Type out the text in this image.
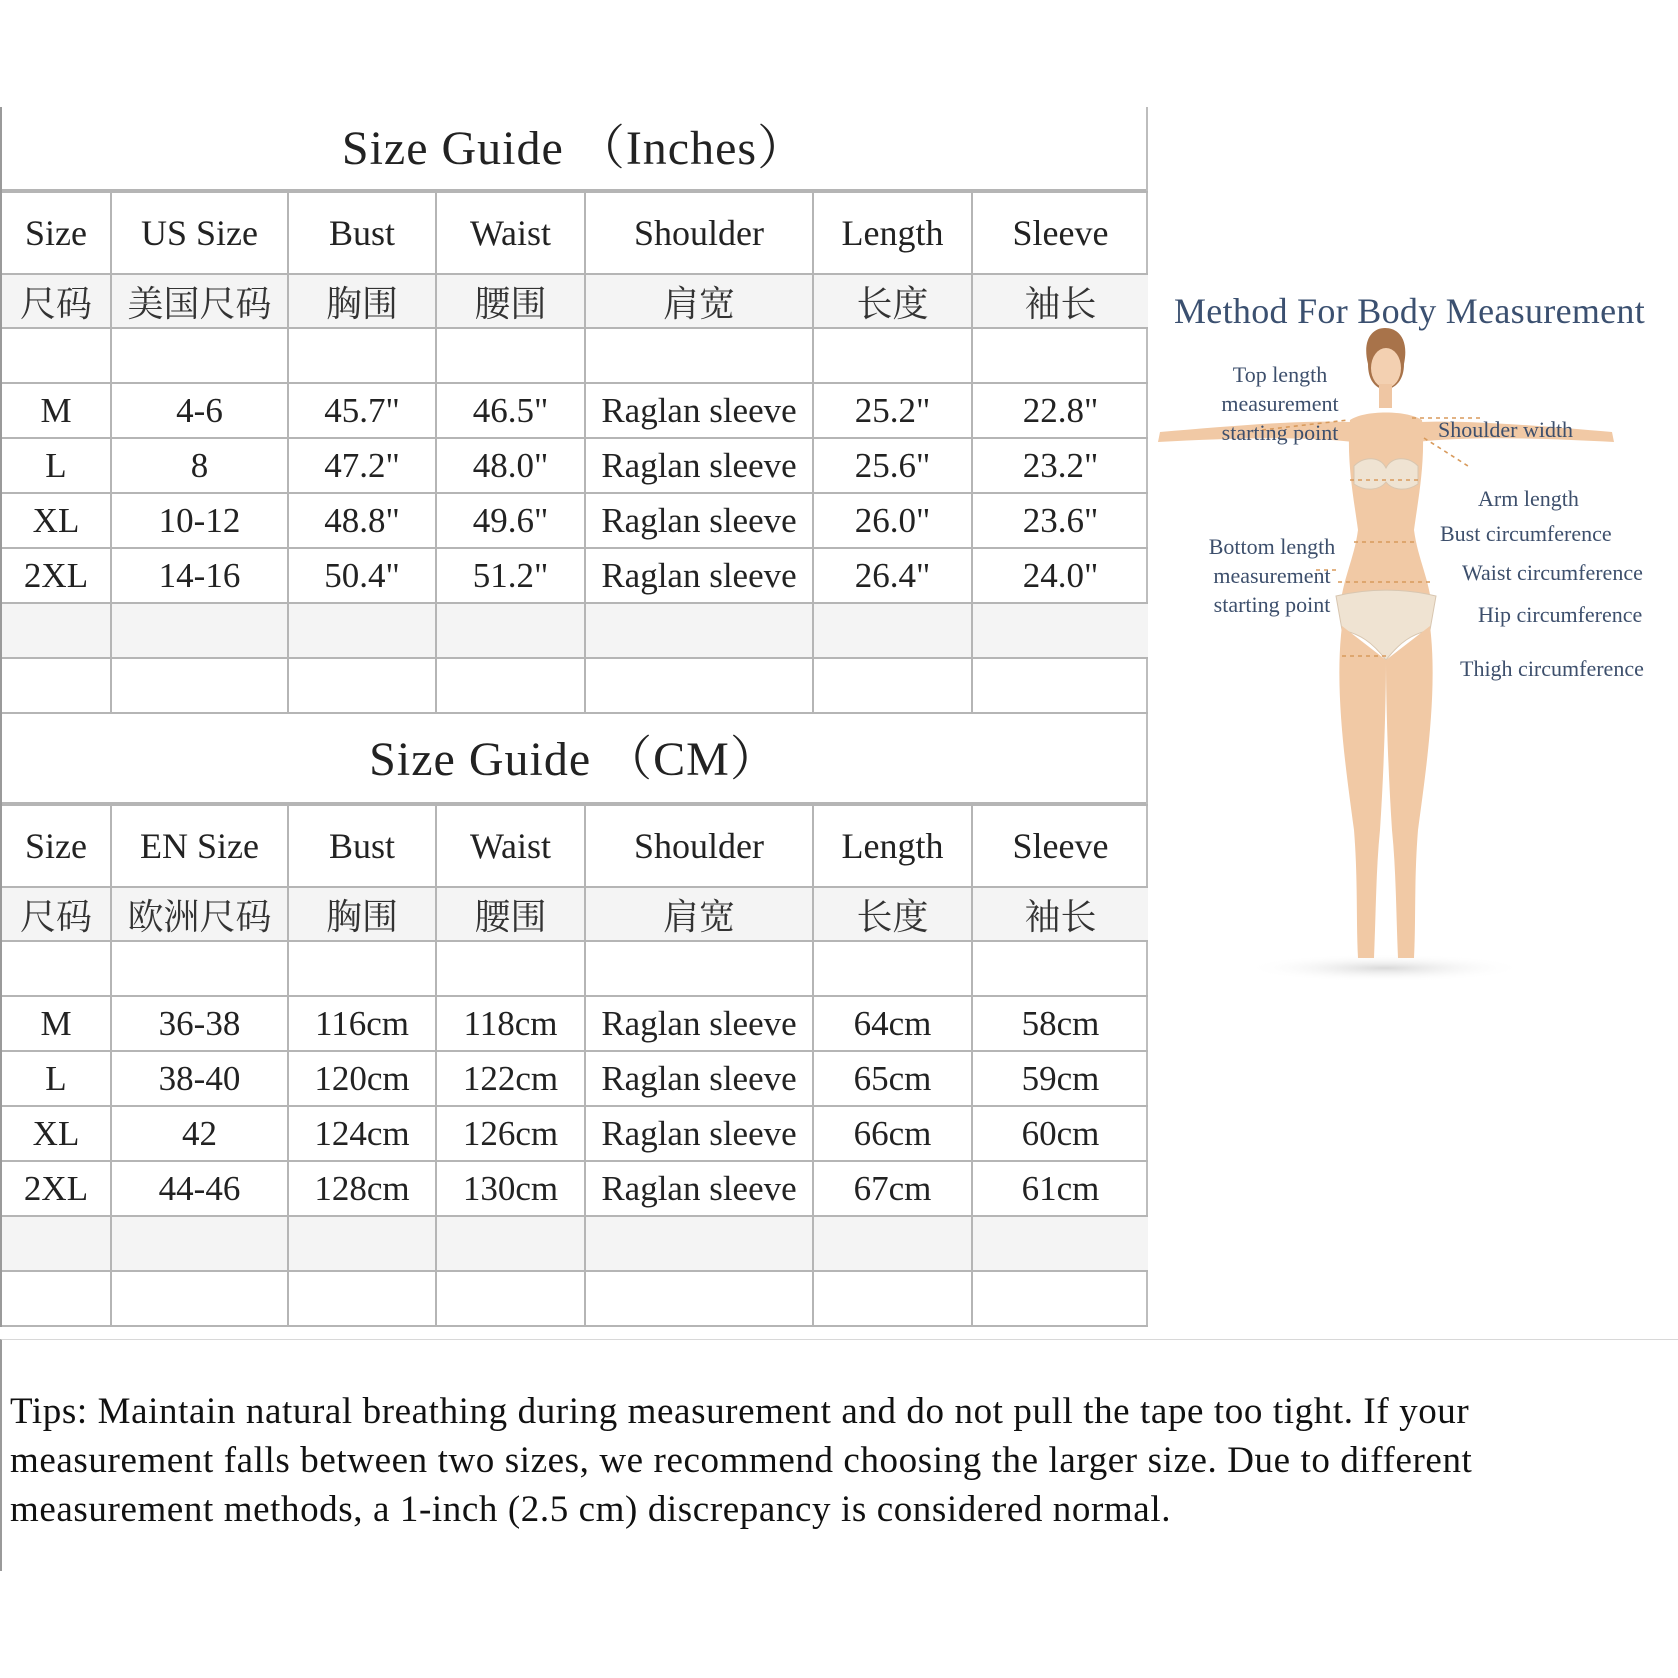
Size Guide （Inches）
Size	US Size	Bust	Waist	Shoulder	Length	Sleeve
尺码	美国尺码	胸围	腰围	肩宽	长度	袖长

M	4-6	45.7"	46.5"	Raglan sleeve	25.2"	22.8"
L	8	47.2"	48.0"	Raglan sleeve	25.6"	23.2"
XL	10-12	48.8"	49.6"	Raglan sleeve	26.0"	23.6"
2XL	14-16	50.4"	51.2"	Raglan sleeve	26.4"	24.0"

Size Guide （CM）
Size	EN Size	Bust	Waist	Shoulder	Length	Sleeve
尺码	欧洲尺码	胸围	腰围	肩宽	长度	袖长

M	36-38	116cm	118cm	Raglan sleeve	64cm	58cm
L	38-40	120cm	122cm	Raglan sleeve	65cm	59cm
XL	42	124cm	126cm	Raglan sleeve	66cm	60cm
2XL	44-46	128cm	130cm	Raglan sleeve	67cm	61cm

Method For Body Measurement
Top length
measurement
starting point	Shoulder width
Arm length
Bust circumference
Bottom length
measurement
starting point
Waist circumference
Hip circumference
Thigh circumference

Tips: Maintain natural breathing during measurement and do not pull the tape too tight. If your measurement falls between two sizes, we recommend choosing the larger size. Due to different measurement methods, a 1-inch (2.5 cm) discrepancy is considered normal.
